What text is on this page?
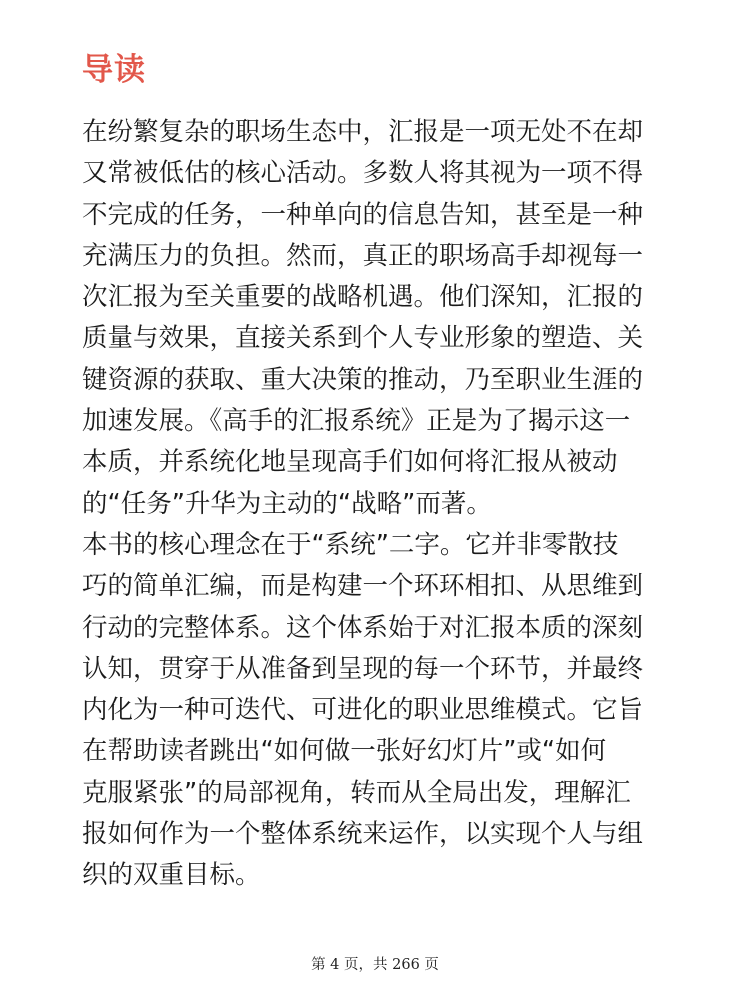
导读

在纷繁复杂的职场生态中，汇报是一项无处不在却
又常被低估的核心活动。多数人将其视为一项不得
不完成的任务，一种单向的信息告知，甚至是一种
充满压力的负担。然而，真正的职场高手却视每一
次汇报为至关重要的战略机遇。他们深知，汇报的
质量与效果，直接关系到个人专业形象的塑造、关
键资源的获取、重大决策的推动，乃至职业生涯的
加速发展。《高手的汇报系统》正是为了揭示这一
本质，并系统化地呈现高手们如何将汇报从被动
的“任务”升华为主动的“战略”而著。

本书的核心理念在于“系统”二字。它并非零散技
巧的简单汇编，而是构建一个环环相扣、从思维到
行动的完整体系。这个体系始于对汇报本质的深刻
认知，贯穿于从准备到呈现的每一个环节，并最终
内化为一种可迭代、可进化的职业思维模式。它旨
在帮助读者跳出“如何做一张好幻灯片”或“如何
克服紧张”的局部视角，转而从全局出发，理解汇
报如何作为一个整体系统来运作，以实现个人与组
织的双重目标。

第 4 页，共 266 页
